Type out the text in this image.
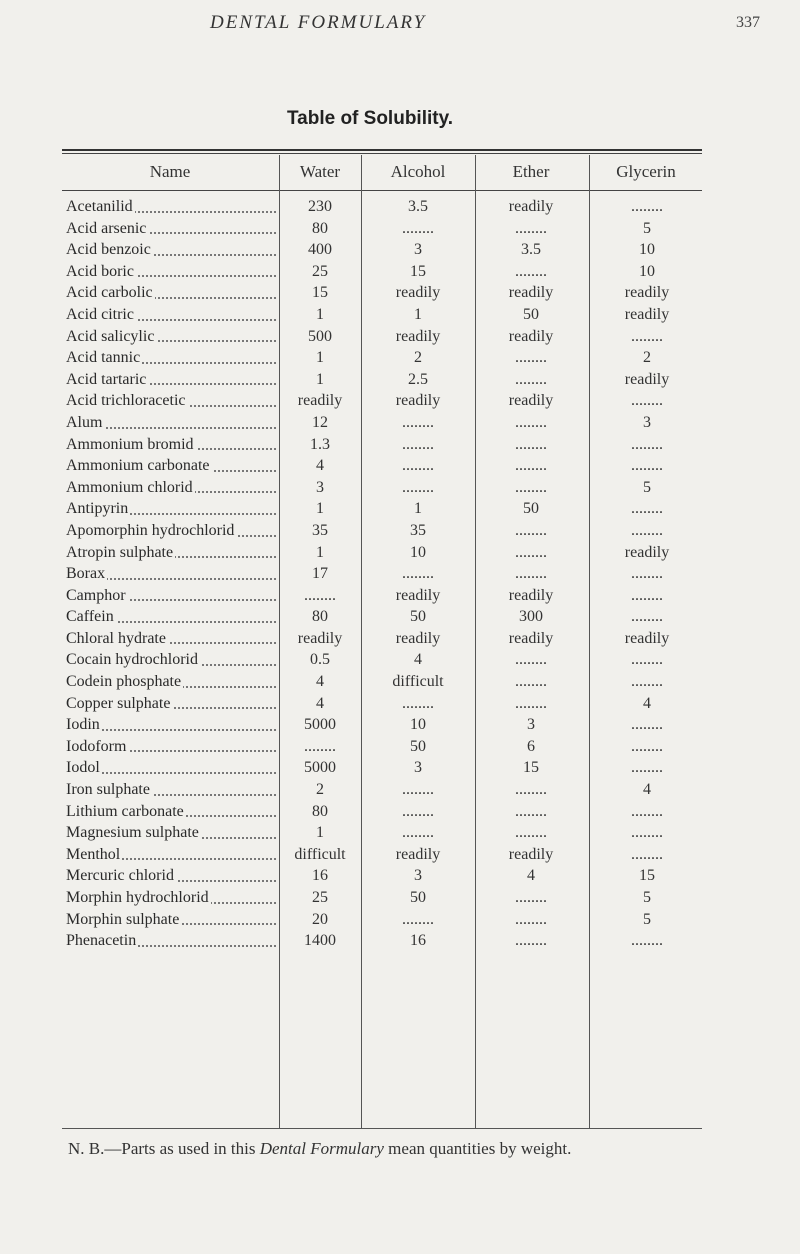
DENTAL FORMULARY	337
Table of Solubility.
Name	Water	Alcohol	Ether	Glycerin
Acetanilid	230	3.5	readily	........
Acid arsenic	80	........	........	5
Acid benzoic	400	3	3.5	10
Acid boric	25	15	........	10
Acid carbolic	15	readily	readily	readily
Acid citric	1	1	50	readily
Acid salicylic	500	readily	readily	........
Acid tannic	1	2	........	2
Acid tartaric	1	2.5	........	readily
Acid trichloracetic	readily	readily	readily	........
Alum	12	........	........	3
Ammonium bromid	1.3	........	........	........
Ammonium carbonate	4	........	........	........
Ammonium chlorid	3	........	........	5
Antipyrin	1	1	50	........
Apomorphin hydrochlorid	35	35	........	........
Atropin sulphate	1	10	........	readily
Borax	17	........	........	........
Camphor	........	readily	readily	........
Caffein	80	50	300	........
Chloral hydrate	readily	readily	readily	readily
Cocain hydrochlorid	0.5	4	........	........
Codein phosphate	4	difficult	........	........
Copper sulphate	4	........	........	4
Iodin	5000	10	3	........
Iodoform	........	50	6	........
Iodol	5000	3	15	........
Iron sulphate	2	........	........	4
Lithium carbonate	80	........	........	........
Magnesium sulphate	1	........	........	........
Menthol	difficult	readily	readily	........
Mercuric chlorid	16	3	4	15
Morphin hydrochlorid	25	50	........	5
Morphin sulphate	20	........	........	5
Phenacetin	1400	16	........	........
N. B.—Parts as used in this Dental Formulary mean quantities by weight.
